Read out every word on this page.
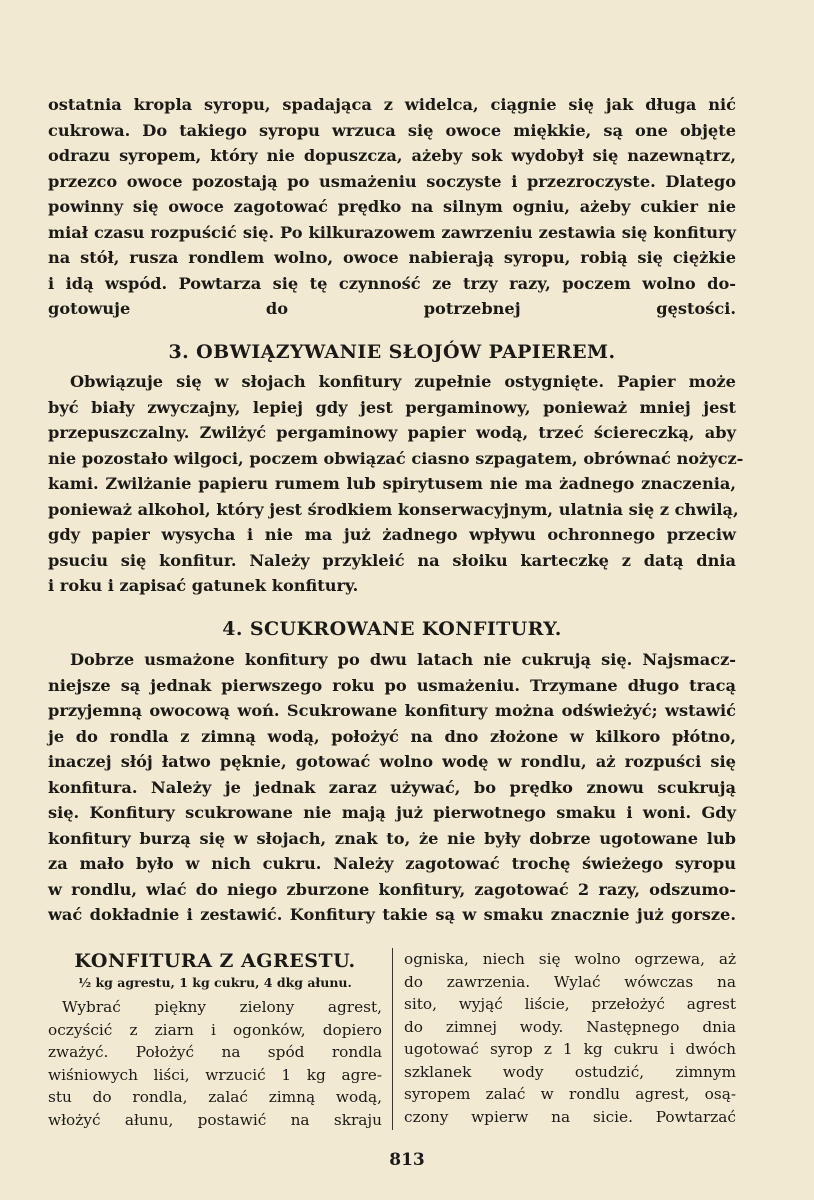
ostatnia kropla syropu, spadająca z widelca, ciągnie się jak długa nić
cukrowa. Do takiego syropu wrzuca się owoce miękkie, są one objęte
odrazu syropem, który nie dopuszcza, ażeby sok wydobył się nazewnątrz,
przezco owoce pozostają po usmażeniu soczyste i przezroczyste. Dlatego
powinny się owoce zagotować prędko na silnym ogniu, ażeby cukier nie
miał czasu rozpuścić się. Po kilkurazowem zawrzeniu zestawia się konfitury
na stół, rusza rondlem wolno, owoce nabierają syropu, robią się ciężkie
i idą wspód. Powtarza się tę czynność ze trzy razy, poczem wolno do-
gotowuje do potrzebnej gęstości.
3. OBWIĄZYWANIE SŁOJÓW PAPIEREM.
Obwiązuje się w słojach konfitury zupełnie ostygnięte. Papier może
być biały zwyczajny, lepiej gdy jest pergaminowy, ponieważ mniej jest
przepuszczalny. Zwilżyć pergaminowy papier wodą, trzeć ściereczką, aby
nie pozostało wilgoci, poczem obwiązać ciasno szpagatem, obrównać nożycz-
kami. Zwilżanie papieru rumem lub spirytusem nie ma żadnego znaczenia,
ponieważ alkohol, który jest środkiem konserwacyjnym, ulatnia się z chwilą,
gdy papier wysycha i nie ma już żadnego wpływu ochronnego przeciw
psuciu się konfitur. Należy przykleić na słoiku karteczkę z datą dnia
i roku i zapisać gatunek konfitury.
4. SCUKROWANE KONFITURY.
Dobrze usmażone konfitury po dwu latach nie cukrują się. Najsmacz-
niejsze są jednak pierwszego roku po usmażeniu. Trzymane długo tracą
przyjemną owocową woń. Scukrowane konfitury można odświeżyć; wstawić
je do rondla z zimną wodą, położyć na dno złożone w kilkoro płótno,
inaczej słój łatwo pęknie, gotować wolno wodę w rondlu, aż rozpuści się
konfitura. Należy je jednak zaraz używać, bo prędko znowu scukrują
się. Konfitury scukrowane nie mają już pierwotnego smaku i woni. Gdy
konfitury burzą się w słojach, znak to, że nie były dobrze ugotowane lub
za mało było w nich cukru. Należy zagotować trochę świeżego syropu
w rondlu, wlać do niego zburzone konfitury, zagotować 2 razy, odszumo-
wać dokładnie i zestawić. Konfitury takie są w smaku znacznie już gorsze.
KONFITURA Z AGRESTU.
½ kg agrestu, 1 kg cukru, 4 dkg ałunu.
Wybrać piękny zielony agrest,
oczyścić z ziarn i ogonków, dopiero
zważyć. Położyć na spód rondla
wiśniowych liści, wrzucić 1 kg agre-
stu do rondla, zalać zimną wodą,
włożyć ałunu, postawić na skraju
ogniska, niech się wolno ogrzewa, aż
do zawrzenia. Wylać wówczas na
sito, wyjąć liście, przełożyć agrest
do zimnej wody. Następnego dnia
ugotować syrop z 1 kg cukru i dwóch
szklanek wody ostudzić, zimnym
syropem zalać w rondlu agrest, osą-
czony wpierw na sicie. Powtarzać
813
